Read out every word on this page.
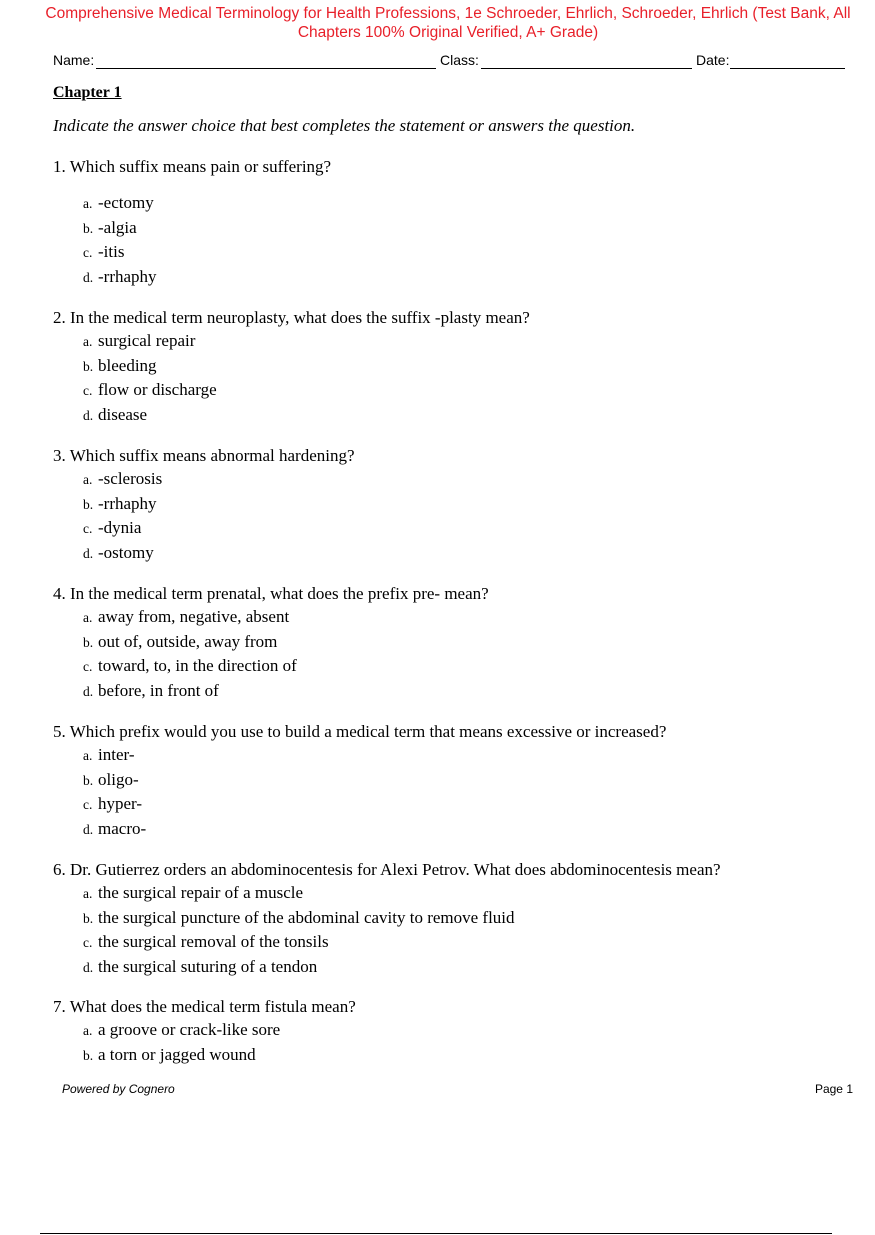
Comprehensive Medical Terminology for Health Professions, 1e Schroeder, Ehrlich, Schroeder, Ehrlich (Test Bank, All
Chapters 100% Original Verified, A+ Grade)
Name:	Class:	Date:
Chapter 1
Indicate the answer choice that best completes the statement or answers the question.
1. Which suffix means pain or suffering?
a. -ectomy
b. -algia
c. -itis
d. -rrhaphy
2. In the medical term neuroplasty, what does the suffix -plasty mean?
a. surgical repair
b. bleeding
c. flow or discharge
d. disease
3. Which suffix means abnormal hardening?
a. -sclerosis
b. -rrhaphy
c. -dynia
d. -ostomy
4. In the medical term prenatal, what does the prefix pre- mean?
a. away from, negative, absent
b. out of, outside, away from
c. toward, to, in the direction of
d. before, in front of
5. Which prefix would you use to build a medical term that means excessive or increased?
a. inter-
b. oligo-
c. hyper-
d. macro-
6. Dr. Gutierrez orders an abdominocentesis for Alexi Petrov. What does abdominocentesis mean?
a. the surgical repair of a muscle
b. the surgical puncture of the abdominal cavity to remove fluid
c. the surgical removal of the tonsils
d. the surgical suturing of a tendon
7. What does the medical term fistula mean?
a. a groove or crack-like sore
b. a torn or jagged wound
Powered by Cognero	Page 1
